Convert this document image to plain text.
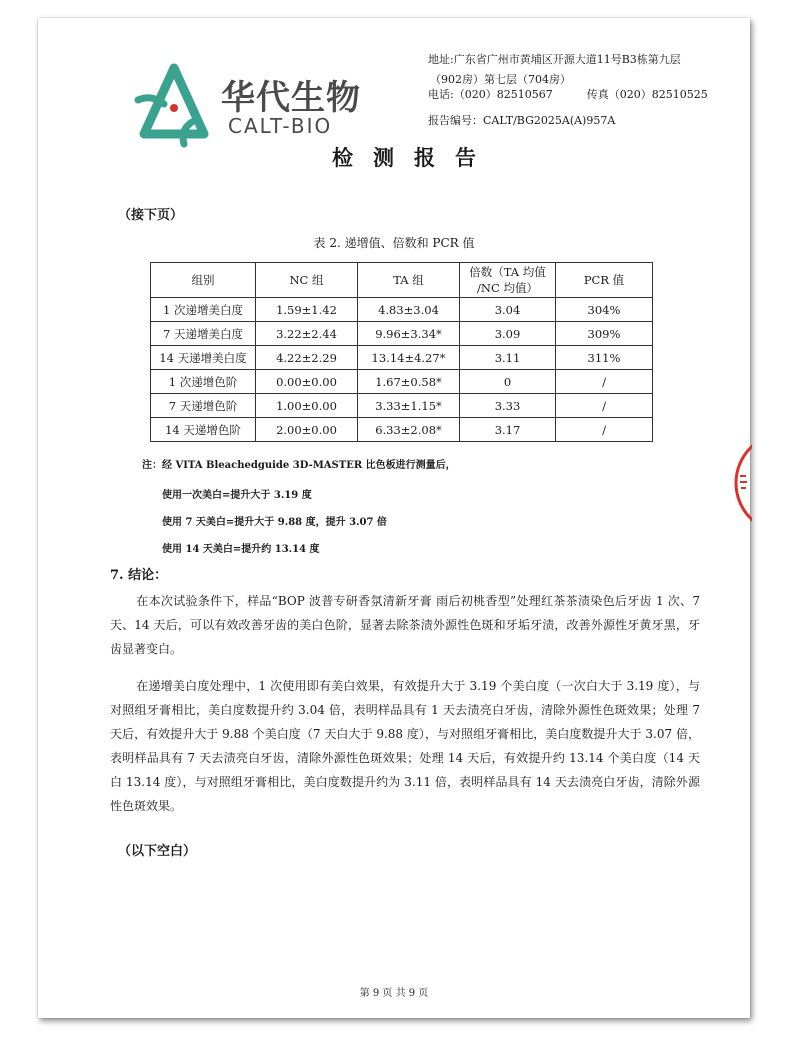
华代生物
CALT-BIO
地址:广东省广州市黄埔区开源大道11号B3栋第九层
（902房）第七层（704房）
电话:（020）82510567	传真（020）82510525
报告编号：CALT/BG2025A(A)957A
检测报告
（接下页）
表 2. 递增值、倍数和 PCR 值
组别	NC 组	TA 组	倍数（TA 均值
/NC 均值）	PCR 值
1 次递增美白度	1.59±1.42	4.83±3.04	3.04	304%
7 天递增美白度	3.22±2.44	9.96±3.34*	3.09	309%
14 天递增美白度	4.22±2.29	13.14±4.27*	3.11	311%
1 次递增色阶	0.00±0.00	1.67±0.58*	0	/
7 天递增色阶	1.00±0.00	3.33±1.15*	3.33	/
14 天递增色阶	2.00±0.00	6.33±2.08*	3.17	/
注：经 VITA Bleachedguide 3D-MASTER 比色板进行测量后，
使用一次美白=提升大于 3.19 度
使用 7 天美白=提升大于 9.88 度，提升 3.07 倍
使用 14 天美白=提升约 13.14 度
7. 结论：
在本次试验条件下，样品“BOP 波普专研香氛清新牙膏 雨后初桃香型”处理红茶茶渍染色后牙齿 1 次、7 天、14 天后，可以有效改善牙齿的美白色阶，显著去除茶渍外源性色斑和牙垢牙渍，改善外源性牙黄牙黑，牙齿显著变白。
在递增美白度处理中，1 次使用即有美白效果，有效提升大于 3.19 个美白度（一次白大于 3.19 度），与对照组牙膏相比，美白度数提升约 3.04 倍，表明样品具有 1 天去渍亮白牙齿，清除外源性色斑效果；处理 7 天后，有效提升大于 9.88 个美白度（7 天白大于 9.88 度），与对照组牙膏相比，美白度数提升大于 3.07 倍，表明样品具有 7 天去渍亮白牙齿，清除外源性色斑效果；处理 14 天后，有效提升约 13.14 个美白度（14 天白 13.14 度），与对照组牙膏相比，美白度数提升约为 3.11 倍，表明样品具有 14 天去渍亮白牙齿，清除外源性色斑效果。
（以下空白）
第 9 页 共 9 页
